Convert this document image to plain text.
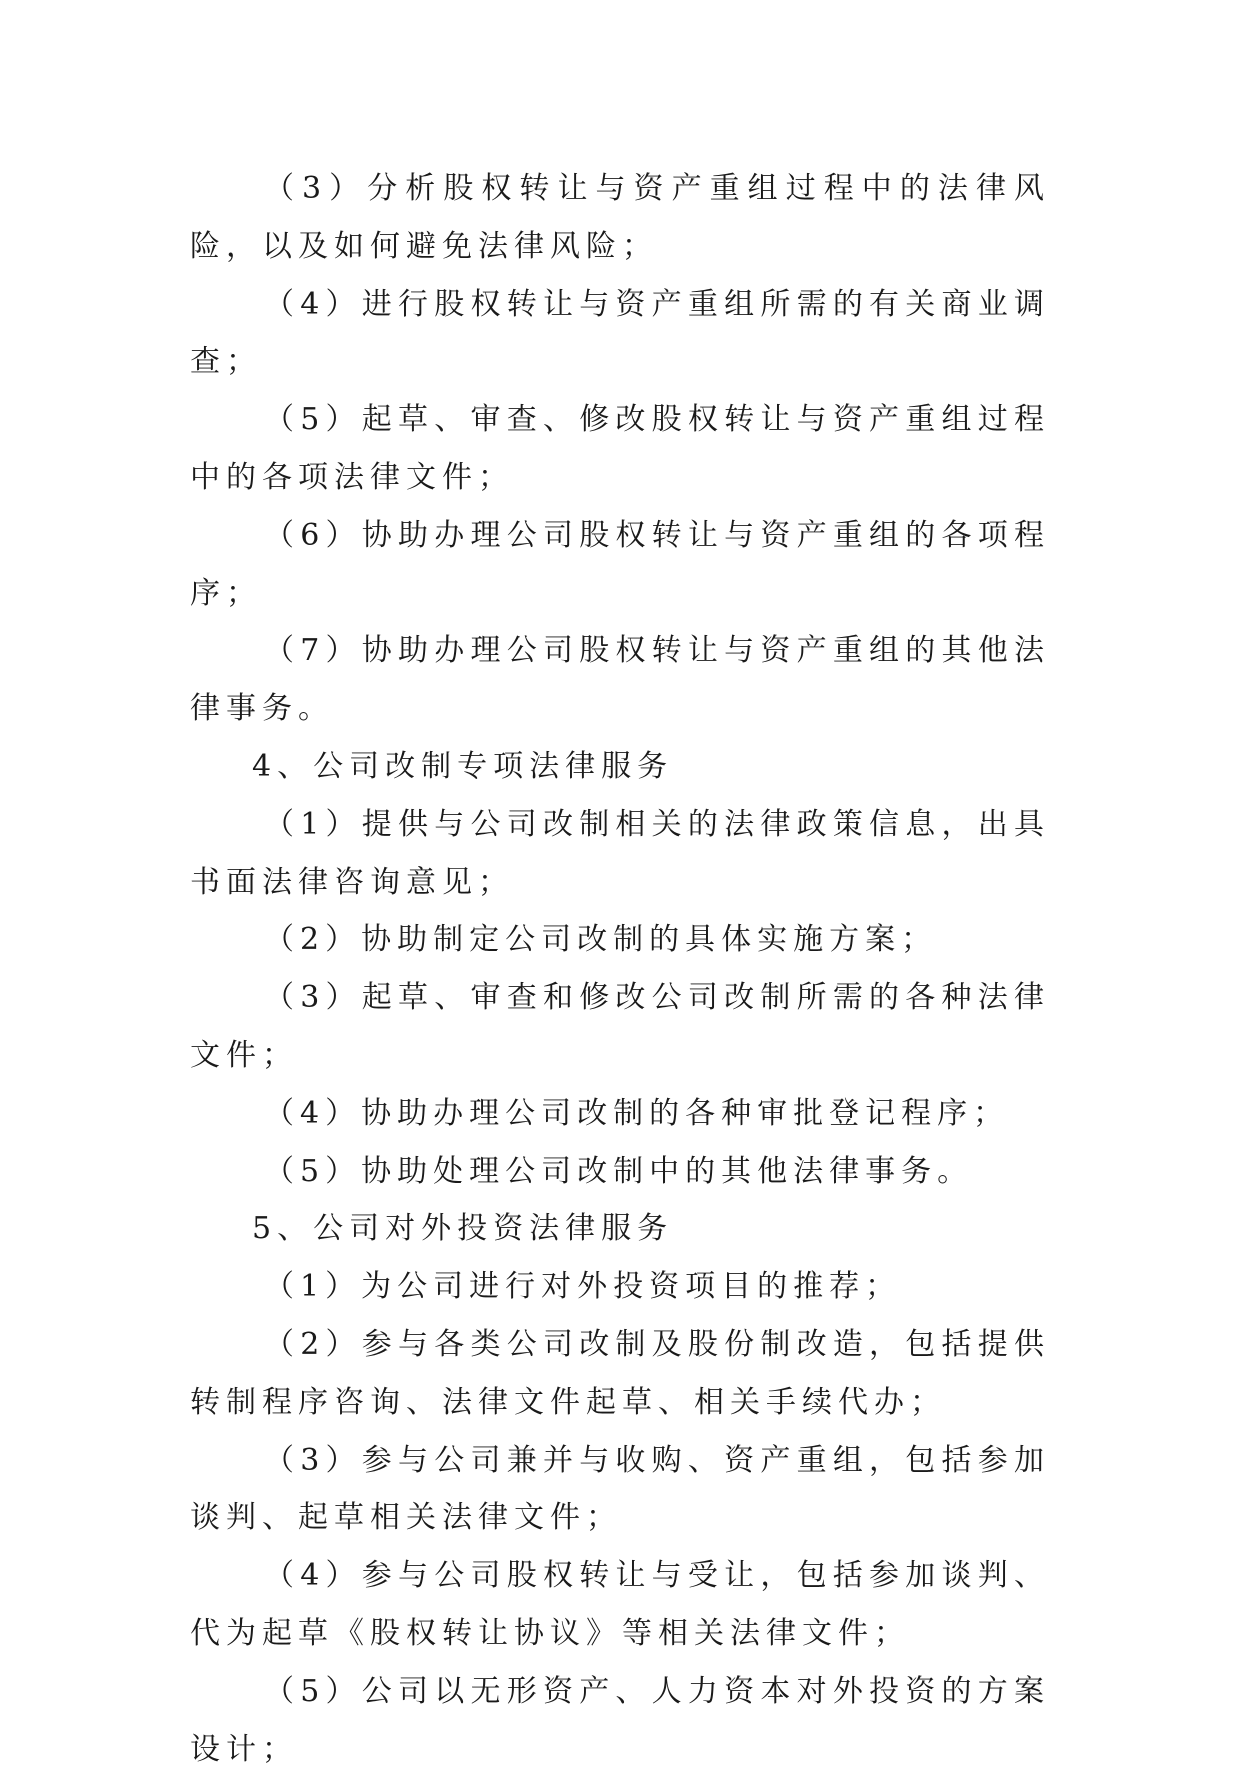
（3）分析股权转让与资产重组过程中的法律风险，以及如何避免法律风险；

（4）进行股权转让与资产重组所需的有关商业调查；

（5）起草、审查、修改股权转让与资产重组过程中的各项法律文件；

（6）协助办理公司股权转让与资产重组的各项程序；

（7）协助办理公司股权转让与资产重组的其他法律事务。

4、公司改制专项法律服务

（1）提供与公司改制相关的法律政策信息，出具书面法律咨询意见；

（2）协助制定公司改制的具体实施方案；

（3）起草、审查和修改公司改制所需的各种法律文件；

（4）协助办理公司改制的各种审批登记程序；

（5）协助处理公司改制中的其他法律事务。

5、公司对外投资法律服务

（1）为公司进行对外投资项目的推荐；

（2）参与各类公司改制及股份制改造，包括提供转制程序咨询、法律文件起草、相关手续代办；

（3）参与公司兼并与收购、资产重组，包括参加谈判、起草相关法律文件；

（4）参与公司股权转让与受让，包括参加谈判、代为起草《股权转让协议》等相关法律文件；

（5）公司以无形资产、人力资本对外投资的方案设计；
